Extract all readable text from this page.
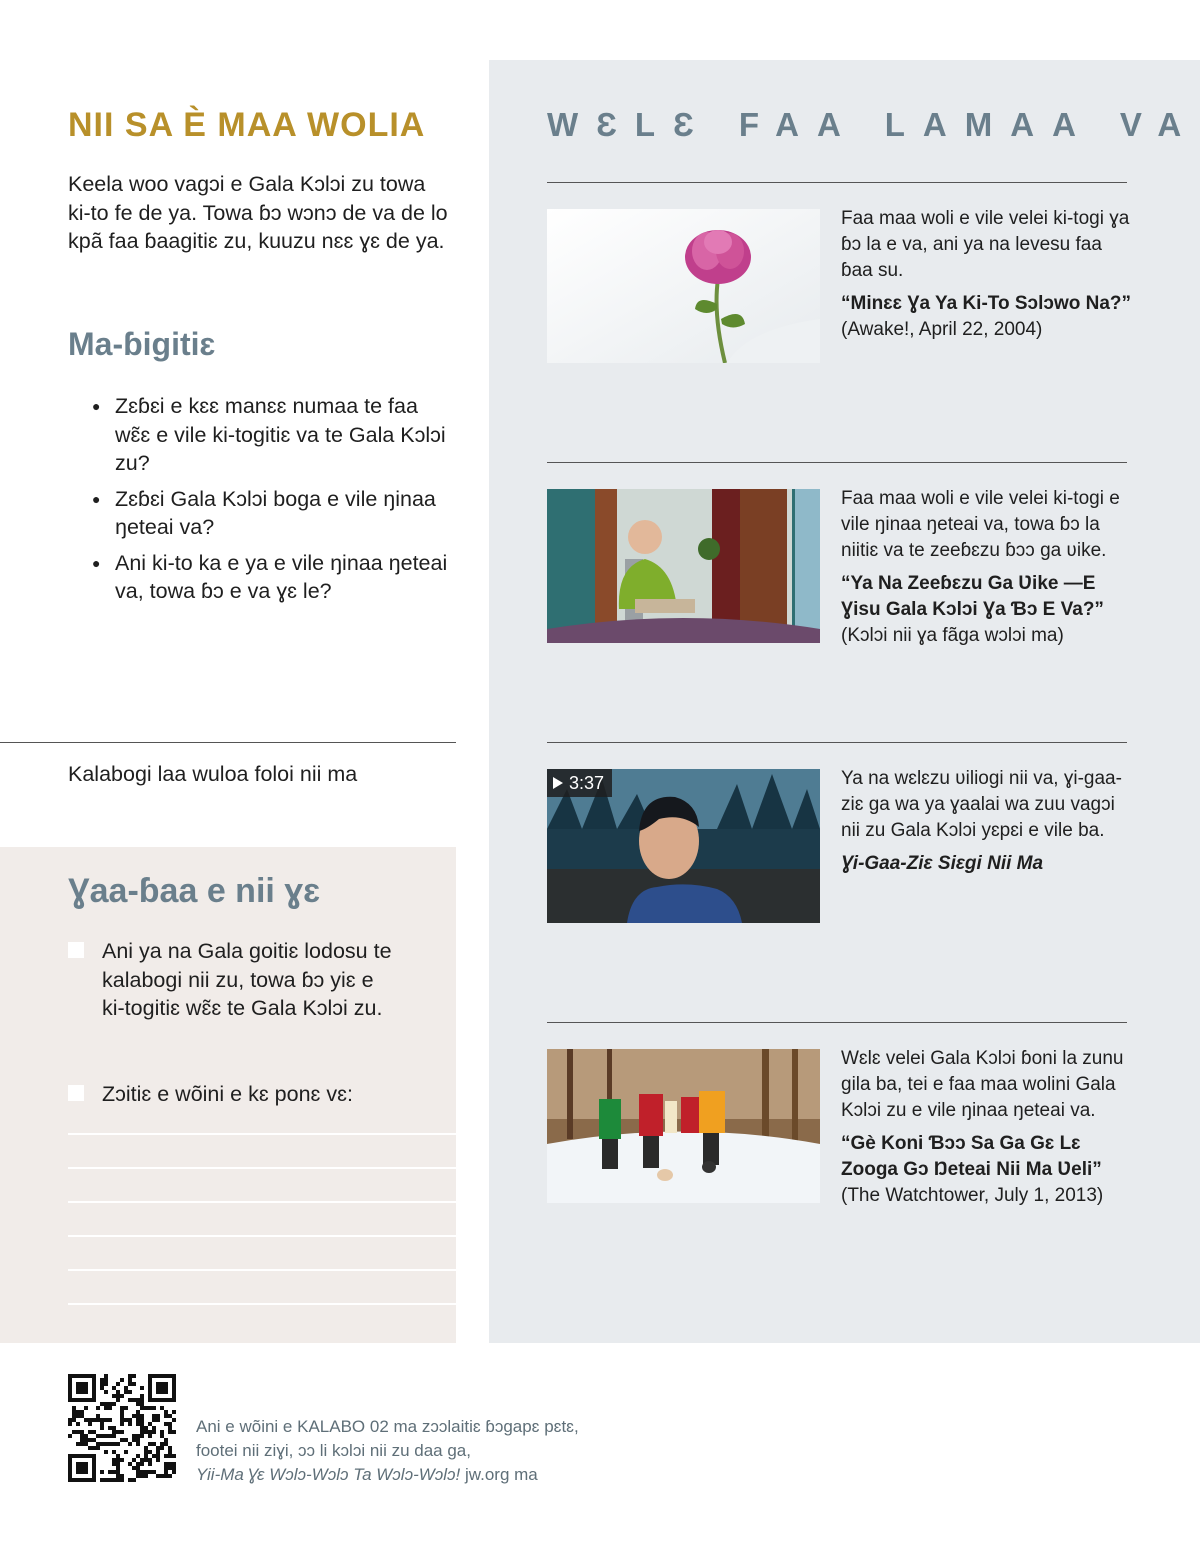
NII SA È MAA WOLIA

Keela woo vagɔi e Gala Kɔlɔi zu towa ki-to fe de ya. Towa ɓɔ wɔnɔ de va de lo kpã faa ɓaagitiɛ zu, kuuzu nɛɛ ɣɛ de ya.

Ma-ɓigitiɛ
● Zɛɓɛi e kɛɛ manɛɛ numaa te faa wɛ̃ɛ e vile ki-togitiɛ va te Gala Kɔlɔi zu?
● Zɛɓɛi Gala Kɔlɔi boga e vile ŋinaa ŋeteai va?
● Ani ki-to ka e ya e vile ŋinaa ŋeteai va, towa ɓɔ e va ɣɛ le?

Kalabogi laa wuloa foloi nii ma

Ɣaa-ɓaa e nii ɣɛ
Ani ya na Gala goitiɛ lodosu te kalabogi nii zu, towa ɓɔ yiɛ e ki-togitiɛ wɛ̃ɛ te Gala Kɔlɔi zu.
Zɔitiɛ e wõini e kɛ ponɛ vɛ:
WƐLƐ FAA LAMAA VA

Faa maa woli e vile velei ki-togi ɣa ɓɔ la e va, ani ya na levesu faa ɓaa su.

“Minɛɛ Ɣa Ya Ki-To Sɔlɔwo Na?” (Awake!, April 22, 2004)

Faa maa woli e vile velei ki-togi e vile ŋinaa ŋeteai va, towa ɓɔ la niitiɛ va te zeeɓɛzu ɓɔɔ ga ʋike.

“Ya Na Zeeɓɛzu Ga Ʋike —E Ɣisu Gala Kɔlɔi Ɣa Ɓɔ E Va?” (Kɔlɔi nii ɣa fãga wɔlɔi ma)

3:37	Ya na wɛlɛzu ʋiliogi nii va, ɣi-gaa-ziɛ ga wa ya ɣaalai wa zuu vagɔi nii zu Gala Kɔlɔi yɛpɛi e vile ba.

Ɣi-Gaa-Ziɛ Siɛgi Nii Ma

Wɛlɛ velei Gala Kɔlɔi ɓoni la zunu gila ba, tei e faa maa wolini Gala Kɔlɔi zu e vile ŋinaa ŋeteai va.

“Gè Koni Ɓɔɔ Sa Ga Gɛ Lɛ Zooga Gɔ Ŋeteai Nii Ma Ʋeli” (The Watchtower, July 1, 2013)

Ani e wõini e KALABO 02 ma zɔɔlaitiɛ ɓɔgapɛ pɛtɛ,
footei nii ziɣi, ɔɔ li kɔlɔi nii zu daa ga,
Yii-Ma Ɣɛ Wɔlɔ-Wɔlɔ Ta Wɔlɔ-Wɔlɔ! jw.org ma
